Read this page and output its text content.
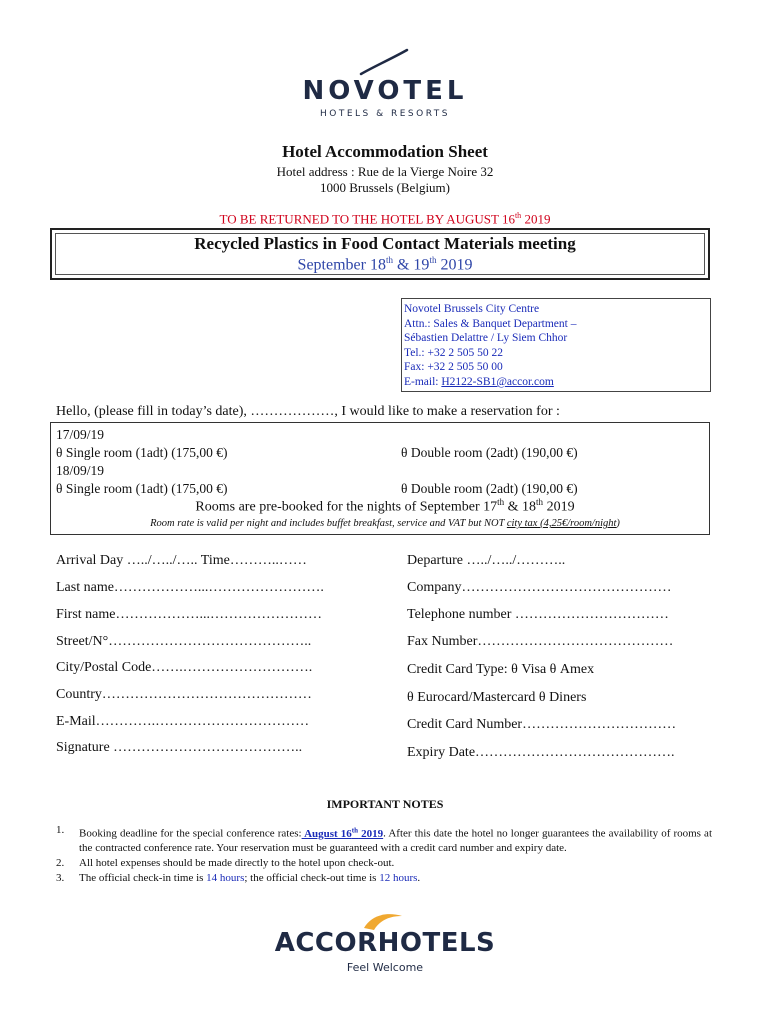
NOVOTEL
HOTELS & RESORTS
Hotel Accommodation Sheet
Hotel address : Rue de la Vierge Noire 32
1000 Brussels (Belgium)
TO BE RETURNED TO THE HOTEL BY AUGUST 16th 2019
Recycled Plastics in Food Contact Materials meeting
September 18th & 19th 2019
Novotel Brussels City Centre
Attn.: Sales & Banquet Department –
Sébastien Delattre / Ly Siem Chhor
Tel.: +32 2 505 50 22
Fax: +32 2 505 50 00
E-mail: H2122-SB1@accor.com
Hello, (please fill in today’s date), ………………, I would like to make a reservation for :
17/09/19
θ Single room (1adt) (175,00 €)	θ Double room (2adt) (190,00 €)
18/09/19
θ Single room (1adt) (175,00 €)	θ Double room (2adt) (190,00 €)
Rooms are pre-booked for the nights of September 17th & 18th 2019
Room rate is valid per night and includes buffet breakfast, service and VAT but NOT city tax (4,25€/room/night)
Arrival Day …../…../….. Time………..……
Last name………………...…………………….
First name………………...……………………
Street/N°……………………………………..
City/Postal Code…….……………………….
Country………………………………………
E-Mail………….……………………………
Signature …………………………………..
Departure …../…../………..
Company………………………………………
Telephone number ……………………………
Fax Number……………………………………
Credit Card Type: θ Visa θ Amex
θ Eurocard/Mastercard θ Diners
Credit Card Number……………………………
Expiry Date…………………………………….
IMPORTANT NOTES
1. Booking deadline for the special conference rates: August 16th 2019. After this date the hotel no longer guarantees the availability of rooms at the contracted conference rate. Your reservation must be guaranteed with a credit card number and expiry date.
2. All hotel expenses should be made directly to the hotel upon check-out.
3. The official check-in time is 14 hours; the official check-out time is 12 hours.
ACCORHOTELS
Feel Welcome
